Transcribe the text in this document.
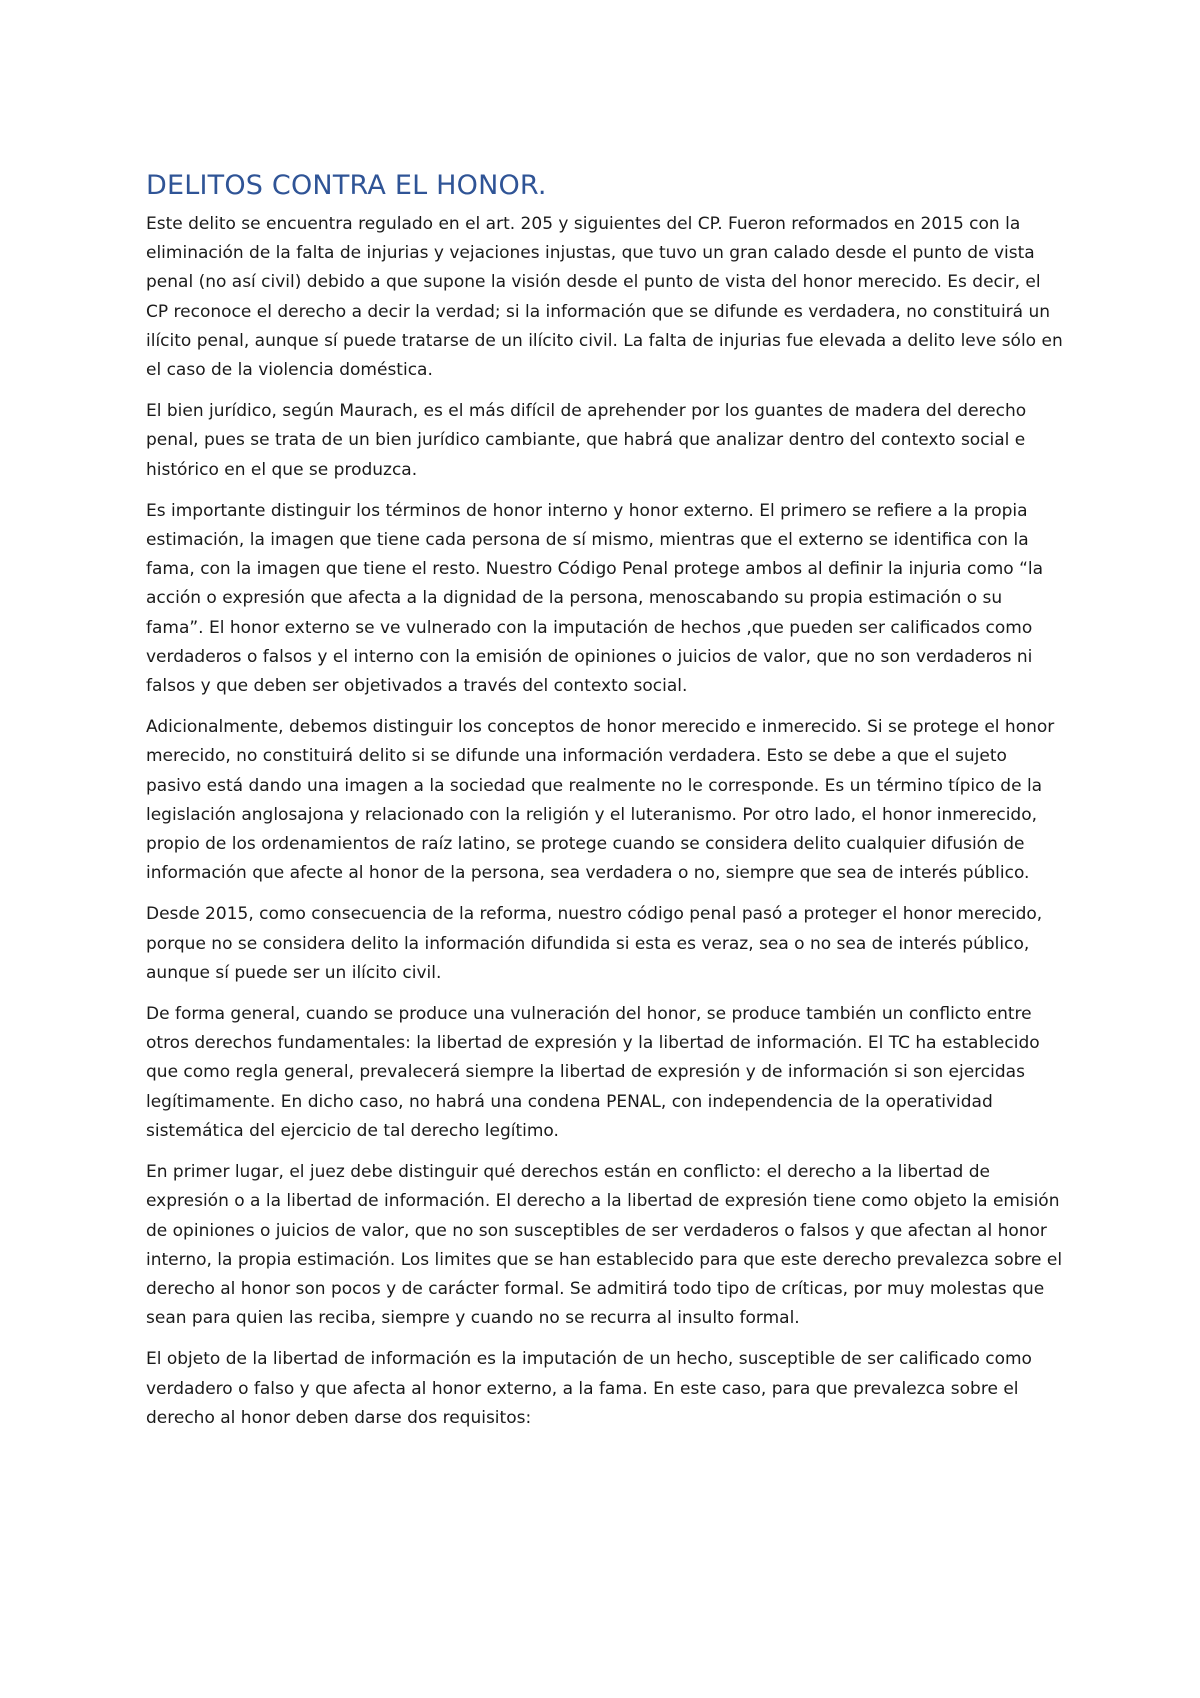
DELITOS CONTRA EL HONOR.

Este delito se encuentra regulado en el art. 205 y siguientes del CP. Fueron reformados en 2015 con la eliminación de la falta de injurias y vejaciones injustas, que tuvo un gran calado desde el punto de vista penal (no así civil) debido a que supone la visión desde el punto de vista del honor merecido. Es decir, el CP reconoce el derecho a decir la verdad; si la información que se difunde es verdadera, no constituirá un ilícito penal, aunque sí puede tratarse de un ilícito civil. La falta de injurias fue elevada a delito leve sólo en el caso de la violencia doméstica.

El bien jurídico, según Maurach, es el más difícil de aprehender por los guantes de madera del derecho penal, pues se trata de un bien jurídico cambiante, que habrá que analizar dentro del contexto social e histórico en el que se produzca.

Es importante distinguir los términos de honor interno y honor externo. El primero se refiere a la propia estimación, la imagen que tiene cada persona de sí mismo, mientras que el externo se identifica con la fama, con la imagen que tiene el resto. Nuestro Código Penal protege ambos al definir la injuria como “la acción o expresión que afecta a la dignidad de la persona, menoscabando su propia estimación o su fama”. El honor externo se ve vulnerado con la imputación de hechos ,que pueden ser calificados como verdaderos o falsos y el interno con la emisión de opiniones o juicios de valor, que no son verdaderos ni falsos y que deben ser objetivados a través del contexto social.

Adicionalmente, debemos distinguir los conceptos de honor merecido e inmerecido. Si se protege el honor merecido, no constituirá delito si se difunde una información verdadera. Esto se debe a que el sujeto pasivo está dando una imagen a la sociedad que realmente no le corresponde. Es un término típico de la legislación anglosajona y relacionado con la religión y el luteranismo. Por otro lado, el honor inmerecido, propio de los ordenamientos de raíz latino, se protege cuando se considera delito cualquier difusión de información que afecte al honor de la persona, sea verdadera o no, siempre que sea de interés público.

Desde 2015, como consecuencia de la reforma, nuestro código penal pasó a proteger el honor merecido, porque no se considera delito la información difundida si esta es veraz, sea o no sea de interés público, aunque sí puede ser un ilícito civil.

De forma general, cuando se produce una vulneración del honor, se produce también un conflicto entre otros derechos fundamentales: la libertad de expresión y la libertad de información. El TC ha establecido que como regla general, prevalecerá siempre la libertad de expresión y de información si son ejercidas legítimamente. En dicho caso, no habrá una condena PENAL, con independencia de la operatividad sistemática del ejercicio de tal derecho legítimo.

En primer lugar, el juez debe distinguir qué derechos están en conflicto: el derecho a la libertad de expresión o a la libertad de información. El derecho a la libertad de expresión tiene como objeto la emisión de opiniones o juicios de valor, que no son susceptibles de ser verdaderos o falsos y que afectan al honor interno, la propia estimación. Los limites que se han establecido para que este derecho prevalezca sobre el derecho al honor son pocos y de carácter formal. Se admitirá todo tipo de críticas, por muy molestas que sean para quien las reciba, siempre y cuando no se recurra al insulto formal.

El objeto de la libertad de información es la imputación de un hecho, susceptible de ser calificado como verdadero o falso y que afecta al honor externo, a la fama. En este caso, para que prevalezca sobre el derecho al honor deben darse dos requisitos:
